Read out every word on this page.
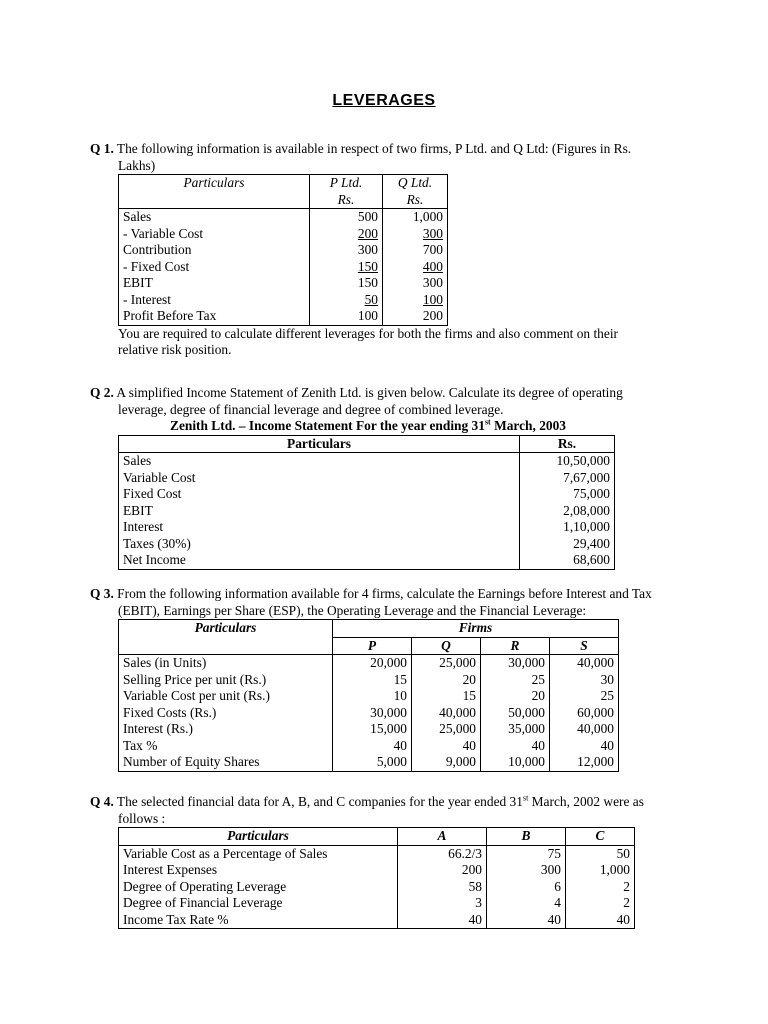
LEVERAGES

Q 1. The following information is available in respect of two firms, P Ltd. and Q Ltd: (Figures in Rs.
Lakhs)

Particulars	P Ltd.	Q Ltd.
	Rs.	Rs.
Sales	500	1,000
- Variable Cost	200	300
Contribution	300	700
- Fixed Cost	150	400
EBIT	150	300
- Interest	50	100
Profit Before Tax	100	200

You are required to calculate different leverages for both the firms and also comment on their
relative risk position.

Q 2. A simplified Income Statement of Zenith Ltd. is given below. Calculate its degree of operating
leverage, degree of financial leverage and degree of combined leverage.

Zenith Ltd. – Income Statement For the year ending 31st March, 2003
Particulars	Rs.
Sales	10,50,000
Variable Cost	7,67,000
Fixed Cost	75,000
EBIT	2,08,000
Interest	1,10,000
Taxes (30%)	29,400
Net Income	68,600

Q 3. From the following information available for 4 firms, calculate the Earnings before Interest and Tax
(EBIT), Earnings per Share (ESP), the Operating Leverage and the Financial Leverage:

Particulars	Firms			
	P	Q	R	S
Sales (in Units)	20,000	25,000	30,000	40,000
Selling Price per unit (Rs.)	15	20	25	30
Variable Cost per unit (Rs.)	10	15	20	25
Fixed Costs (Rs.)	30,000	40,000	50,000	60,000
Interest (Rs.)	15,000	25,000	35,000	40,000
Tax %	40	40	40	40
Number of Equity Shares	5,000	9,000	10,000	12,000

Q 4. The selected financial data for A, B, and C companies for the year ended 31st March, 2002 were as
follows :

Particulars	A	B	C
Variable Cost as a Percentage of Sales	66.2/3	75	50
Interest Expenses	200	300	1,000
Degree of Operating Leverage	58	6	2
Degree of Financial Leverage	3	4	2
Income Tax Rate %	40	40	40
